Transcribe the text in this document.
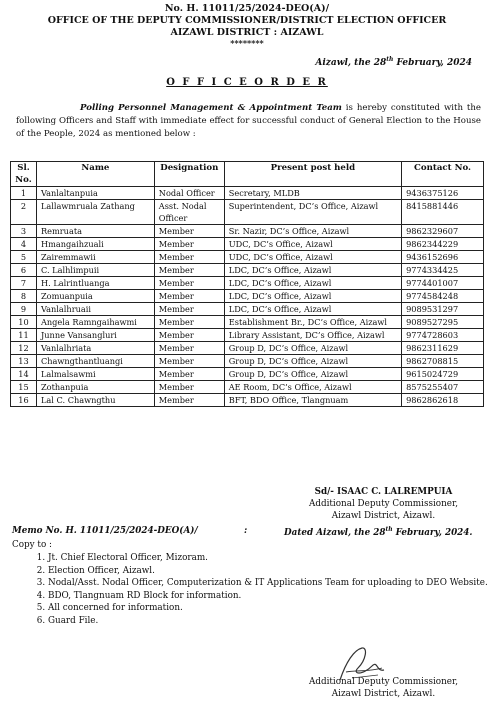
No. H. 11011/25/2024-DEO(A)/
OFFICE OF THE DEPUTY COMMISSIONER/DISTRICT ELECTION OFFICER
AIZAWL DISTRICT : AIZAWL
********
Aizawl, the 28th February, 2024
O F F I C E O R D E R
Polling Personnel Management & Appointment Team is hereby constituted with the following Officers and Staff with immediate effect for successful conduct of General Election to the House of the People, 2024 as mentioned below :
Sl. No.	Name	Designation	Present post held	Contact No.
1	Vanlaltanpuia	Nodal Officer	Secretary, MLDB	9436375126
2	Lallawmruala Zathang	Asst. Nodal Officer	Superintendent, DC’s Office, Aizawl	8415881446
3	Remruata	Member	Sr. Nazir, DC’s Office, Aizawl	9862329607
4	Hmangaihzuali	Member	UDC, DC’s Office, Aizawl	9862344229
5	Zairemmawii	Member	UDC, DC’s Office, Aizawl	9436152696
6	C. Lalhlimpuii	Member	LDC, DC’s Office, Aizawl	9774334425
7	H. Lalrintluanga	Member	LDC, DC’s Office, Aizawl	9774401007
8	Zomuanpuia	Member	LDC, DC’s Office, Aizawl	9774584248
9	Vanlalhruaii	Member	LDC, DC’s Office, Aizawl	9089531297
10	Angela Ramngaihawmi	Member	Establishment Br., DC’s Office, Aizawl	9089527295
11	Junne Vansangluri	Member	Library Assistant, DC’s Office, Aizawl	9774728603
12	Vanlalhriata	Member	Group D, DC’s Office, Aizawl	9862311629
13	Chawngthantluangi	Member	Group D, DC’s Office, Aizawl	9862708815
14	Lalmalsawmi	Member	Group D, DC’s Office, Aizawl	9615024729
15	Zothanpuia	Member	AE Room, DC’s Office, Aizawl	8575255407
16	Lal C. Chawngthu	Member	BFT, BDO Office, Tlangnuam	9862862618
Sd/- ISAAC C. LALREMPUIA
Additional Deputy Commissioner,
Aizawl District, Aizawl.
Memo No. H. 11011/25/2024-DEO(A)/	:	Dated Aizawl, the 28th February, 2024.
Copy to :
1. Jt. Chief Electoral Officer, Mizoram.
2. Election Officer, Aizawl.
3. Nodal/Asst. Nodal Officer, Computerization & IT Applications Team for uploading to DEO Website.
4. BDO, Tlangnuam RD Block for information.
5. All concerned for information.
6. Guard File.
Additional Deputy Commissioner,
Aizawl District, Aizawl.
